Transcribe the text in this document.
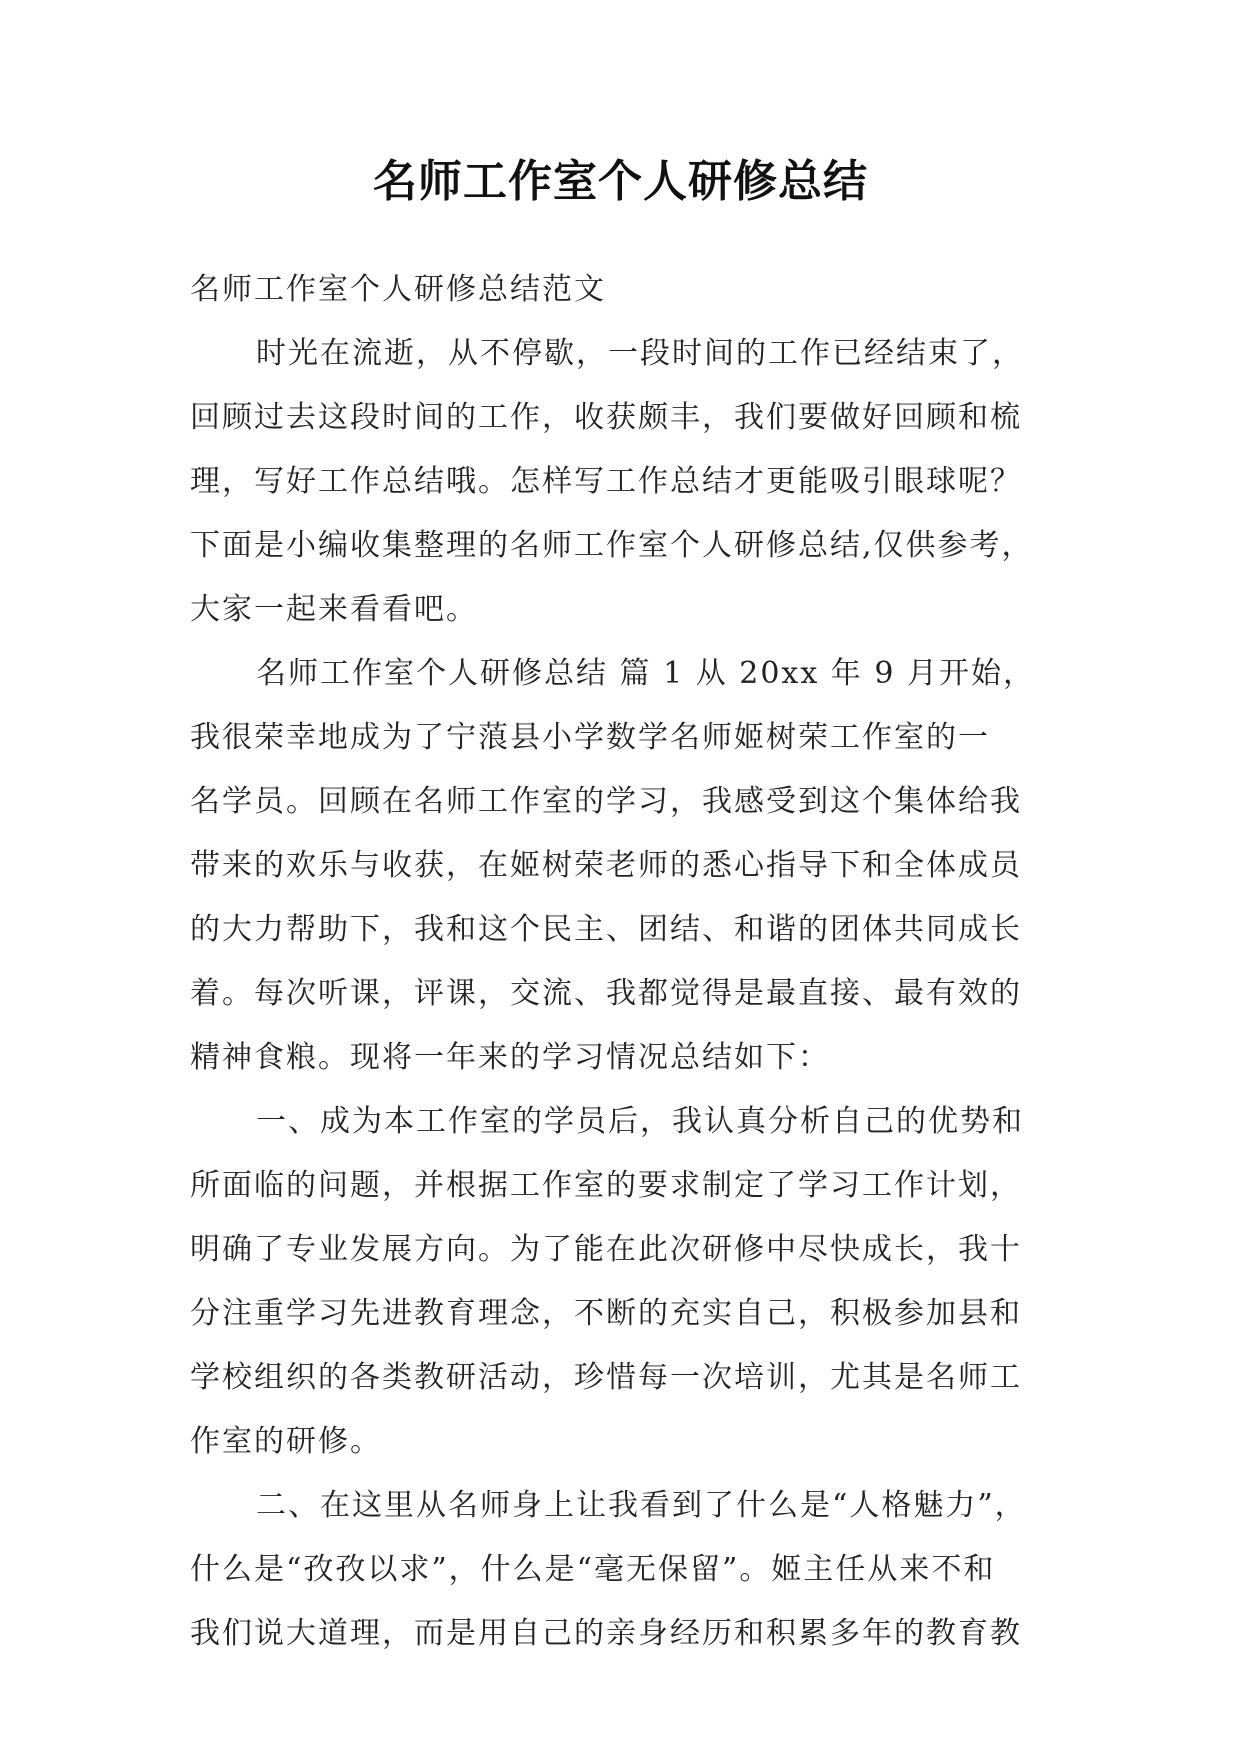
名师工作室个人研修总结
名师工作室个人研修总结范文
时光在流逝，从不停歇，一段时间的工作已经结束了，
回顾过去这段时间的工作，收获颇丰，我们要做好回顾和梳
理，写好工作总结哦。怎样写工作总结才更能吸引眼球呢？
下面是小编收集整理的名师工作室个人研修总结,仅供参考，
大家一起来看看吧。
名师工作室个人研修总结 篇 1 从 20xx 年 9 月开始，
我很荣幸地成为了宁蒗县小学数学名师姬树荣工作室的一
名学员。回顾在名师工作室的学习，我感受到这个集体给我
带来的欢乐与收获，在姬树荣老师的悉心指导下和全体成员
的大力帮助下，我和这个民主、团结、和谐的团体共同成长
着。每次听课，评课，交流、我都觉得是最直接、最有效的
精神食粮。现将一年来的学习情况总结如下：
一、成为本工作室的学员后，我认真分析自己的优势和
所面临的问题，并根据工作室的要求制定了学习工作计划，
明确了专业发展方向。为了能在此次研修中尽快成长，我十
分注重学习先进教育理念，不断的充实自己，积极参加县和
学校组织的各类教研活动，珍惜每一次培训，尤其是名师工
作室的研修。
二、在这里从名师身上让我看到了什么是“人格魅力”，
什么是“孜孜以求”，什么是“毫无保留”。姬主任从来不和
我们说大道理，而是用自己的亲身经历和积累多年的教育教
